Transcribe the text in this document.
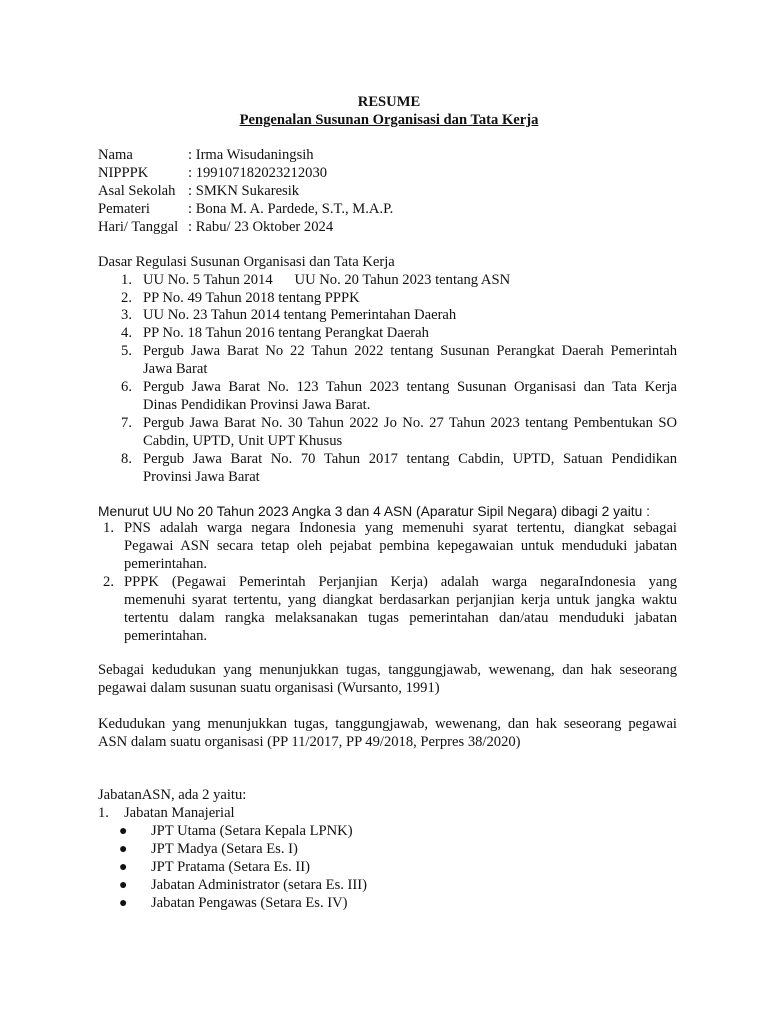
RESUME
Pengenalan Susunan Organisasi dan Tata Kerja
Nama	: Irma Wisudaningsih
NIPPPK	: 199107182023212030
Asal Sekolah : SMKN Sukaresik
Pemateri	: Bona M. A. Pardede, S.T., M.A.P.
Hari/ Tanggal : Rabu/ 23 Oktober 2024
Dasar Regulasi Susunan Organisasi dan Tata Kerja
1. UU No. 5 Tahun 2014      UU No. 20 Tahun 2023 tentang ASN
2. PP No. 49 Tahun 2018 tentang PPPK
3. UU No. 23 Tahun 2014 tentang Pemerintahan Daerah
4. PP No. 18 Tahun 2016 tentang Perangkat Daerah
5. Pergub Jawa Barat No 22 Tahun 2022 tentang Susunan Perangkat Daerah Pemerintah
Jawa Barat
6. Pergub Jawa Barat No. 123 Tahun 2023 tentang Susunan Organisasi dan Tata Kerja
Dinas Pendidikan Provinsi Jawa Barat.
7. Pergub Jawa Barat No. 30 Tahun 2022 Jo No. 27 Tahun 2023 tentang Pembentukan SO
Cabdin, UPTD, Unit UPT Khusus
8. Pergub Jawa Barat No. 70 Tahun 2017 tentang Cabdin, UPTD, Satuan Pendidikan
Provinsi Jawa Barat
Menurut UU No 20 Tahun 2023 Angka 3 dan 4 ASN (Aparatur Sipil Negara) dibagi 2 yaitu :
1. PNS adalah warga negara Indonesia yang memenuhi syarat tertentu, diangkat sebagai
Pegawai ASN secara tetap oleh pejabat pembina kepegawaian untuk menduduki jabatan
pemerintahan.
2. PPPK (Pegawai Pemerintah Perjanjian Kerja) adalah warga negaraIndonesia yang
memenuhi syarat tertentu, yang diangkat berdasarkan perjanjian kerja untuk jangka waktu
tertentu dalam rangka melaksanakan tugas pemerintahan dan/atau menduduki jabatan
pemerintahan.
Sebagai kedudukan yang menunjukkan tugas, tanggungjawab, wewenang, dan hak seseorang
pegawai dalam susunan suatu organisasi (Wursanto, 1991)
Kedudukan yang menunjukkan tugas, tanggungjawab, wewenang, dan hak seseorang pegawai
ASN dalam suatu organisasi (PP 11/2017, PP 49/2018, Perpres 38/2020)
JabatanASN, ada 2 yaitu:
1. Jabatan Manajerial
● JPT Utama (Setara Kepala LPNK)
● JPT Madya (Setara Es. I)
● JPT Pratama (Setara Es. II)
● Jabatan Administrator (setara Es. III)
● Jabatan Pengawas (Setara Es. IV)
